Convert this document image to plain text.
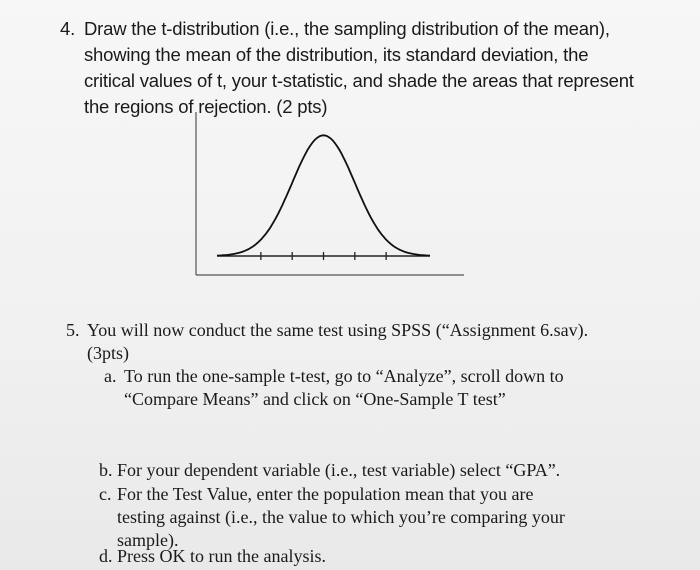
4. Draw the t-distribution (i.e., the sampling distribution of the mean),
showing the mean of the distribution, its standard deviation, the
critical values of t, your t-statistic, and shade the areas that represent
the regions of rejection. (2 pts)
5. You will now conduct the same test using SPSS (“Assignment 6.sav).
(3pts)
a. To run the one-sample t-test, go to “Analyze”, scroll down to
“Compare Means” and click on “One-Sample T test”
b. For your dependent variable (i.e., test variable) select “GPA”.
c. For the Test Value, enter the population mean that you are
testing against (i.e., the value to which you’re comparing your
sample).
d. Press OK to run the analysis.
